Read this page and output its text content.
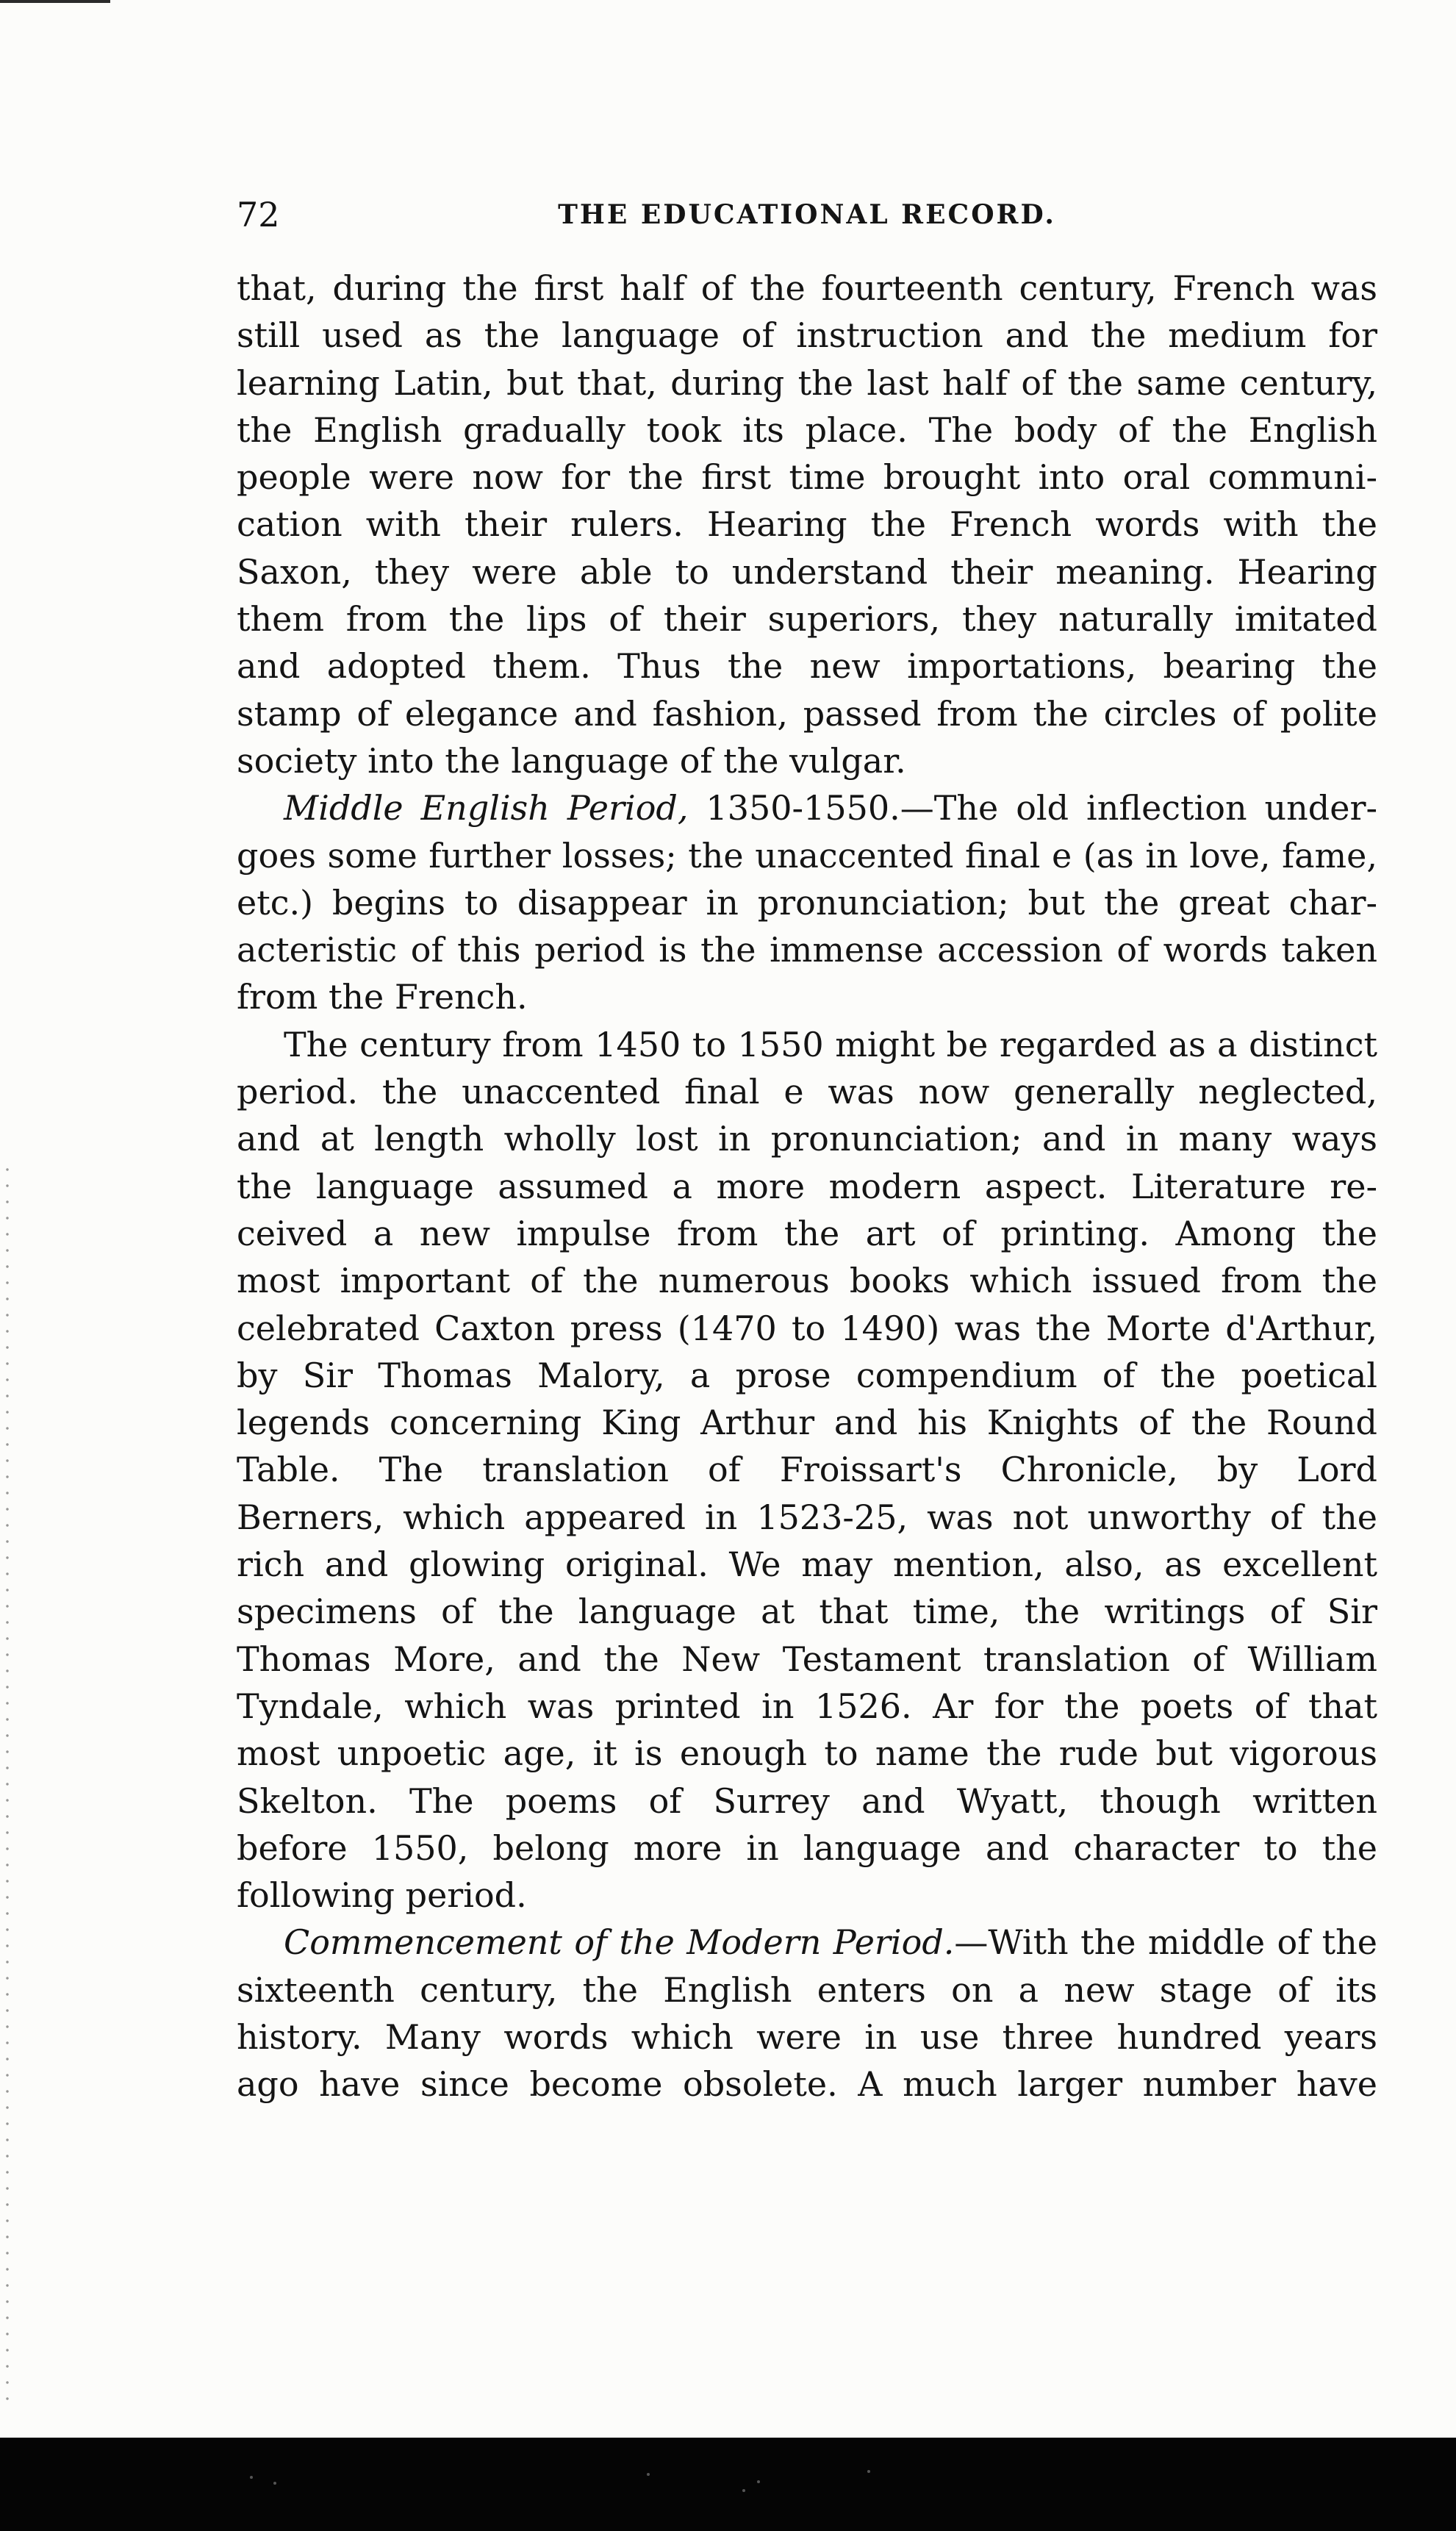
72	THE EDUCATIONAL RECORD.

that, during the first half of the fourteenth century, French was
still used as the language of instruction and the medium for
learning Latin, but that, during the last half of the same century,
the English gradually took its place. The body of the English
people were now for the first time brought into oral communi-
cation with their rulers. Hearing the French words with the
Saxon, they were able to understand their meaning. Hearing
them from the lips of their superiors, they naturally imitated
and adopted them. Thus the new importations, bearing the
stamp of elegance and fashion, passed from the circles of polite
society into the language of the vulgar.

Middle English Period, 1350-1550.—The old inflection under-
goes some further losses; the unaccented final e (as in love, fame,
etc.) begins to disappear in pronunciation; but the great char-
acteristic of this period is the immense accession of words taken
from the French.

The century from 1450 to 1550 might be regarded as a distinct
period. the unaccented final e was now generally neglected,
and at length wholly lost in pronunciation; and in many ways
the language assumed a more modern aspect. Literature re-
ceived a new impulse from the art of printing. Among the
most important of the numerous books which issued from the
celebrated Caxton press (1470 to 1490) was the Morte d'Arthur,
by Sir Thomas Malory, a prose compendium of the poetical
legends concerning King Arthur and his Knights of the Round
Table. The translation of Froissart's Chronicle, by Lord
Berners, which appeared in 1523-25, was not unworthy of the
rich and glowing original. We may mention, also, as excellent
specimens of the language at that time, the writings of Sir
Thomas More, and the New Testament translation of William
Tyndale, which was printed in 1526. Ar for the poets of that
most unpoetic age, it is enough to name the rude but vigorous
Skelton. The poems of Surrey and Wyatt, though written
before 1550, belong more in language and character to the
following period.

Commencement of the Modern Period.—With the middle of the
sixteenth century, the English enters on a new stage of its
history. Many words which were in use three hundred years
ago have since become obsolete. A much larger number have
